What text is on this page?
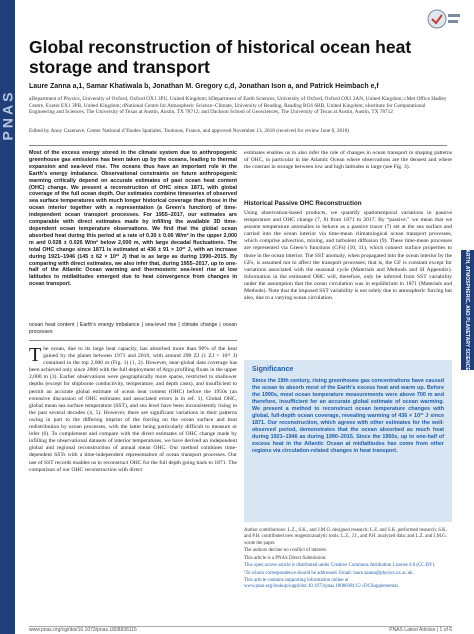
PNAS
EARTH, ATMOSPHERIC, AND PLANETARY SCIENCES
Global reconstruction of historical ocean heat storage and transport
Laure Zanna a,1, Samar Khatiwala b, Jonathan M. Gregory c,d, Jonathan Ison a, and Patrick Heimbach e,f
aDepartment of Physics, University of Oxford, Oxford OX1 3PU, United Kingdom; bDepartment of Earth Sciences, University of Oxford, Oxford OX1 3AN, United Kingdom; cMet Office Hadley Centre, Exeter EX1 3PB, United Kingdom; dNational Centre for Atmospheric Science–Climate, University of Reading, Reading RG6 6BB, United Kingdom; eInstitute for Computational Engineering and Sciences, The University of Texas at Austin, Austin, TX 78712; and fJackson School of Geosciences, The University of Texas at Austin, Austin, TX 78712
Edited by Anny Cazenave, Center National d’Etudes Spatiales, Toulouse, France, and approved November 13, 2018 (received for review June 9, 2018)

Most of the excess energy stored in the climate system due to anthropogenic greenhouse gas emissions has been taken up by the oceans, leading to thermal expansion and sea-level rise. The oceans thus have an important role in the Earth’s energy imbalance. Observational constraints on future anthropogenic warming critically depend on accurate estimates of past ocean heat content (OHC) change. We present a reconstruction of OHC since 1871, with global coverage of the full ocean depth. Our estimates combine timeseries of observed sea surface temperatures with much longer historical coverage than those in the ocean interior together with a representation (a Green’s function) of time-independent ocean transport processes. For 1955–2017, our estimates are comparable with direct estimates made by infilling the available 3D time-dependent ocean temperature observations. We find that the global ocean absorbed heat during this period at a rate of 0.30 ± 0.06 W/m² in the upper 2,000 m and 0.028 ± 0.026 W/m² below 2,000 m, with large decadal fluctuations. The total OHC change since 1871 is estimated at 436 ± 91 × 10²¹ J, with an increase during 1921–1946 (145 ± 62 × 10²¹ J) that is as large as during 1990–2015. By comparing with direct estimates, we also infer that, during 1955–2017, up to one-half of the Atlantic Ocean warming and thermosteric sea-level rise at low latitudes to midlatitudes emerged due to heat convergence from changes in ocean transport.

ocean heat content | Earth’s energy imbalance | sea-level rise | climate change | ocean processes

T he ocean, due to its large heat capacity, has absorbed more than 90% of the heat gained by the planet between 1971 and 2010, with around 290 ZJ (1 ZJ = 10²¹ J) contained in the top 2,000 m (Fig. 1) (1, 2). However, near-global data coverage has been achieved only since 2006 with the full deployment of Argo profiling floats in the upper 2,000 m (3). Earlier observations were geographically more sparse, restricted to shallower depths (except for shipborne conductivity, temperature, and depth casts), and insufficient to permit an accurate global estimate of ocean heat content (OHC) before the 1950s (an extensive discussion of OHC estimates and associated errors is in ref. 1). Global OHC, global mean sea surface temperature (SST), and sea level have been inconsistently rising in the past several decades (4, 5). However, there are significant variations in their patterns owing in part to the differing imprint of the forcing on the ocean surface and heat redistribution by ocean processes, with the latter being particularly difficult to measure or infer (6). To complement and compare with the direct estimates of OHC change made by infilling the observational datasets of interior temperatures, we have derived an independent global and regional reconstruction of annual mean OHC. Our method combines time-dependent SSTs with a time-independent representation of ocean transport processes. Our use of SST records enables us to reconstruct OHC for the full depth going back to 1871. The comparison of our OHC reconstruction with direct

estimates enables us to also infer the role of changes in ocean transport in shaping patterns of OHC, in particular in the Atlantic Ocean where observations are the densest and where the contrast in storage between low and high latitudes is large (see Fig. 3).

Historical Passive OHC Reconstruction

Using observation-based products, we quantify spatiotemporal variations in passive temperature and OHC change (7, 8) from 1871 to 2017. By “passive,” we mean that we assume temperature anomalies to behave as a passive tracer (7) set at the sea surface and carried into the ocean interior via time-mean climatological ocean transport processes, which comprise advection, mixing, and turbulent diffusion (9). These time-mean processes are represented via Green’s functions (GFs) (10, 11), which connect surface properties to those in the ocean interior. The SST anomaly, when propagated into the ocean interior by the GFs, is assumed not to affect the transport processes; that is, the GF is constant except for variations associated with the seasonal cycle (Materials and Methods and SI Appendix). Information in the estimated OHC will, therefore, only be inferred from SST variability under the assumption that the ocean circulation was in equilibrium in 1871 (Materials and Methods). Note that the imposed SST variability is not solely due to atmospheric forcing but also, due to a varying ocean circulation.

Significance

Since the 19th century, rising greenhouse gas concentrations have caused the ocean to absorb most of the Earth’s excess heat and warm up. Before the 1990s, most ocean temperature measurements were above 700 m and therefore, insufficient for an accurate global estimate of ocean warming. We present a method to reconstruct ocean temperature changes with global, full-depth ocean coverage, revealing warming of 436 × 10²¹ J since 1871. Our reconstruction, which agrees with other estimates for the well-observed period, demonstrates that the ocean absorbed as much heat during 1921–1946 as during 1990–2015. Since the 1950s, up to one-half of excess heat in the Atlantic Ocean at midlatitudes has come from other regions via circulation-related changes in heat transport.

Author contributions: L.Z., S.K., and J.M.G. designed research; L.Z. and S.K. performed research; S.K. and P.H. contributed new reagents/analytic tools; L.Z., J.I., and P.H. analyzed data; and L.Z. and J.M.G. wrote the paper.

The authors declare no conflict of interest.

This article is a PNAS Direct Submission.

This open access article is distributed under Creative Commons Attribution License 4.0 (CC BY).

¹To whom correspondence should be addressed. Email: laure.zanna@physics.ox.ac.uk.

This article contains supporting information online at www.pnas.org/lookup/suppl/doi:10.1073/pnas.1808838115/-/DCSupplemental.

www.pnas.org/cgi/doi/10.1073/pnas.1808838115	PNAS Latest Articles | 1 of 6
